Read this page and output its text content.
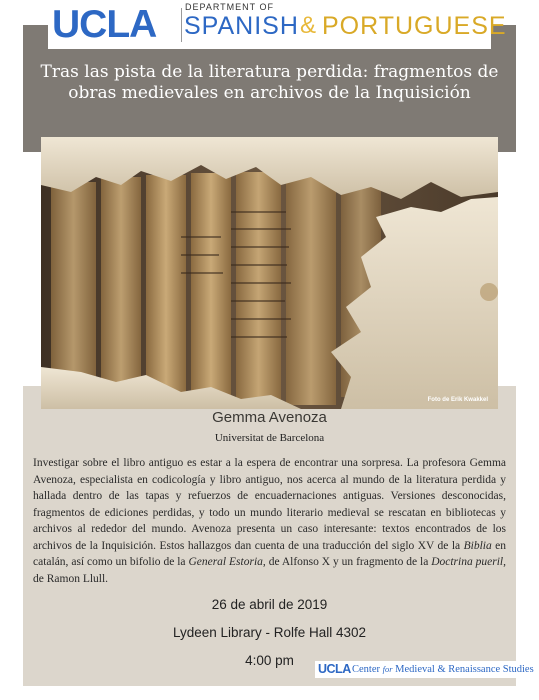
UCLA	DEPARTMENT OF
SPANISH & PORTUGUESE
Tras las pista de la literatura perdida: fragmentos de
obras medievales en archivos de la Inquisición
Foto de Erik Kwakkel
Gemma Avenoza
Universitat de Barcelona
Investigar sobre el libro antiguo es estar a la espera de encontrar una sorpresa. La profesora Gemma Avenoza, especialista en codicología y libro antiguo, nos acerca al mundo de la literatura perdida y hallada dentro de las tapas y refuerzos de encuadernaciones antiguas. Versiones desconocidas, fragmentos de ediciones perdidas, y todo un mundo literario medieval se rescatan en bibliotecas y archivos al rededor del mundo. Avenoza presenta un caso interesante: textos encontrados de los archivos de la Inquisición. Estos hallazgos dan cuenta de una traducción del siglo XV de la Biblia en catalán, así como un bifolio de la General Estoria, de Alfonso X y un fragmento de la Doctrina pueril, de Ramon Llull.
26 de abril de 2019
Lydeen Library - Rolfe Hall 4302
4:00 pm
UCLA Center for Medieval & Renaissance Studies
